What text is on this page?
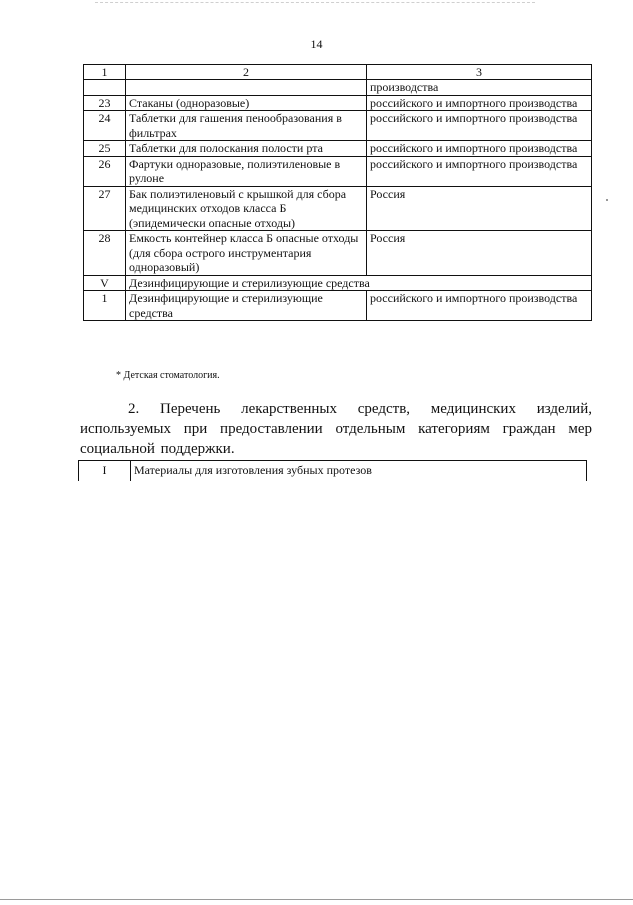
14
1	2	3
		производства
23	Стаканы (одноразовые)	российского и импортного производства
24	Таблетки для гашения пенообразования в фильтрах	российского и импортного производства
25	Таблетки для полоскания полости рта	российского и импортного производства
26	Фартуки одноразовые, полиэтиленовые в рулоне	российского и импортного производства
27	Бак полиэтиленовый с крышкой для сбора медицинских отходов класса Б (эпидемически опасные отходы)	Россия
28	Емкость контейнер класса Б опасные отходы (для сбора острого инструментария одноразовый)	Россия
V	Дезинфицирующие и стерилизующие средства	
1	Дезинфицирующие и стерилизующие средства	российского и импортного производства
* Детская стоматология.
2. Перечень лекарственных средств, медицинских изделий, используемых при предоставлении отдельным категориям граждан мер социальной поддержки.
I	Материалы для изготовления зубных протезов
